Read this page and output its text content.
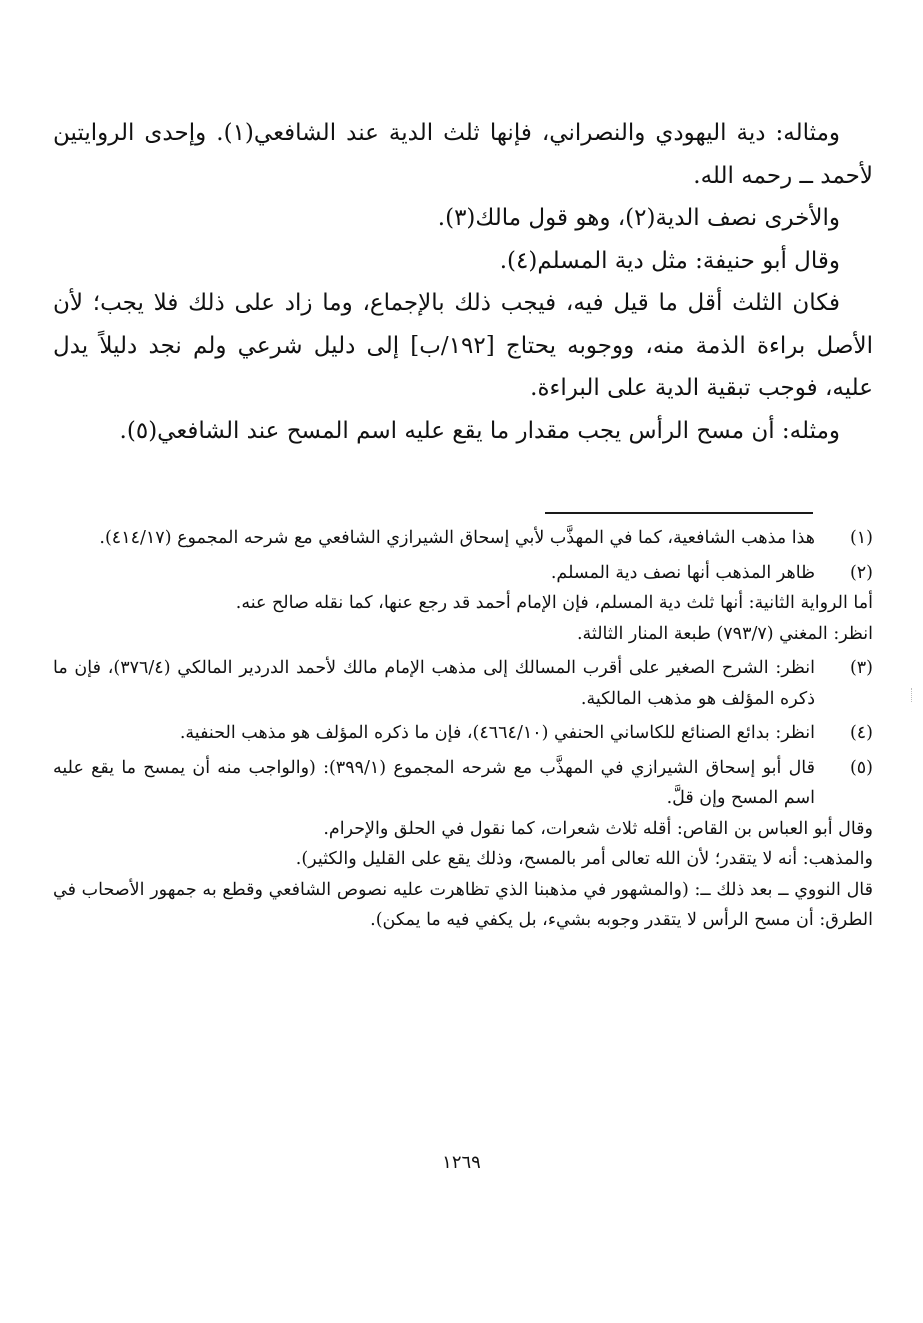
ومثاله: دية اليهودي والنصراني، فإنها ثلث الدية عند الشافعي(١). وإحدى الروايتين لأحمد ــ رحمه الله.

والأخرى نصف الدية(٢)، وهو قول مالك(٣).

وقال أبو حنيفة: مثل دية المسلم(٤).

فكان الثلث أقل ما قيل فيه، فيجب ذلك بالإجماع، وما زاد على ذلك فلا يجب؛ لأن الأصل براءة الذمة منه، ووجوبه يحتاج [١٩٢/ب] إلى دليل شرعي ولم نجد دليلاً يدل عليه، فوجب تبقية الدية على البراءة.

ومثله: أن مسح الرأس يجب مقدار ما يقع عليه اسم المسح عند الشافعي(٥).

(١)

هذا مذهب الشافعية، كما في المهذَّب لأبي إسحاق الشيرازي الشافعي مع شرحه المجموع (٤١٤/١٧).

(٢)

ظاهر المذهب أنها نصف دية المسلم.

أما الرواية الثانية: أنها ثلث دية المسلم، فإن الإمام أحمد قد رجع عنها، كما نقله صالح عنه.

انظر: المغني (٧٩٣/٧) طبعة المنار الثالثة.

(٣)

انظر: الشرح الصغير على أقرب المسالك إلى مذهب الإمام مالك لأحمد الدردير المالكي (٣٧٦/٤)، فإن ما ذكره المؤلف هو مذهب المالكية.

(٤)

انظر: بدائع الصنائع للكاساني الحنفي (٤٦٦٤/١٠)، فإن ما ذكره المؤلف هو مذهب الحنفية.

(٥)

قال أبو إسحاق الشيرازي في المهذَّب مع شرحه المجموع (٣٩٩/١): (والواجب منه أن يمسح ما يقع عليه اسم المسح وإن قلَّ.

وقال أبو العباس بن القاص: أقله ثلاث شعرات، كما نقول في الحلق والإحرام.

والمذهب: أنه لا يتقدر؛ لأن الله تعالى أمر بالمسح، وذلك يقع على القليل والكثير).

قال النووي ــ بعد ذلك ــ: (والمشهور في مذهبنا الذي تظاهرت عليه نصوص الشافعي وقطع به جمهور الأصحاب في الطرق: أن مسح الرأس لا يتقدر وجوبه بشيء، بل يكفي فيه ما يمكن).

١٢٦٩
